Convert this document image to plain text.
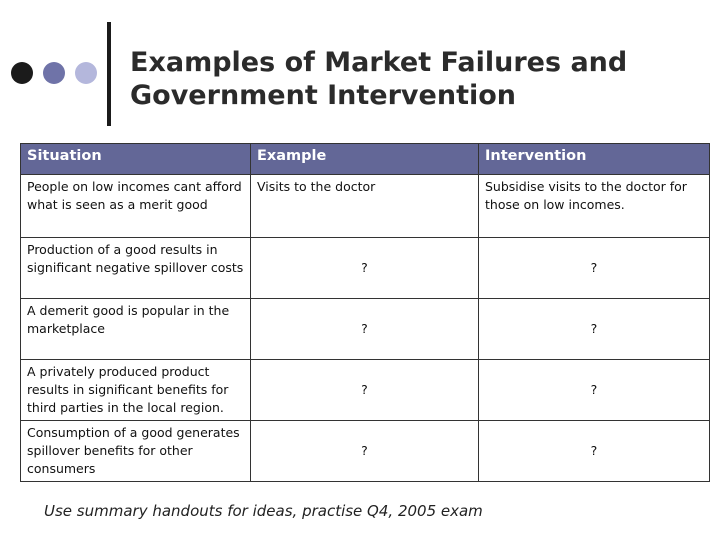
Examples of Market Failures and
Government Intervention
Situation	Example	Intervention
People on low incomes cant afford what is seen as a merit good	Visits to the doctor	Subsidise visits to the doctor for those on low incomes.
Production of a good results in significant negative spillover costs	?	?
A demerit good is popular in the marketplace	?	?
A privately produced product results in significant benefits for third parties in the local region.	?	?
Consumption of a good generates spillover benefits for other consumers	?	?
Use summary handouts for ideas, practise Q4, 2005 exam
